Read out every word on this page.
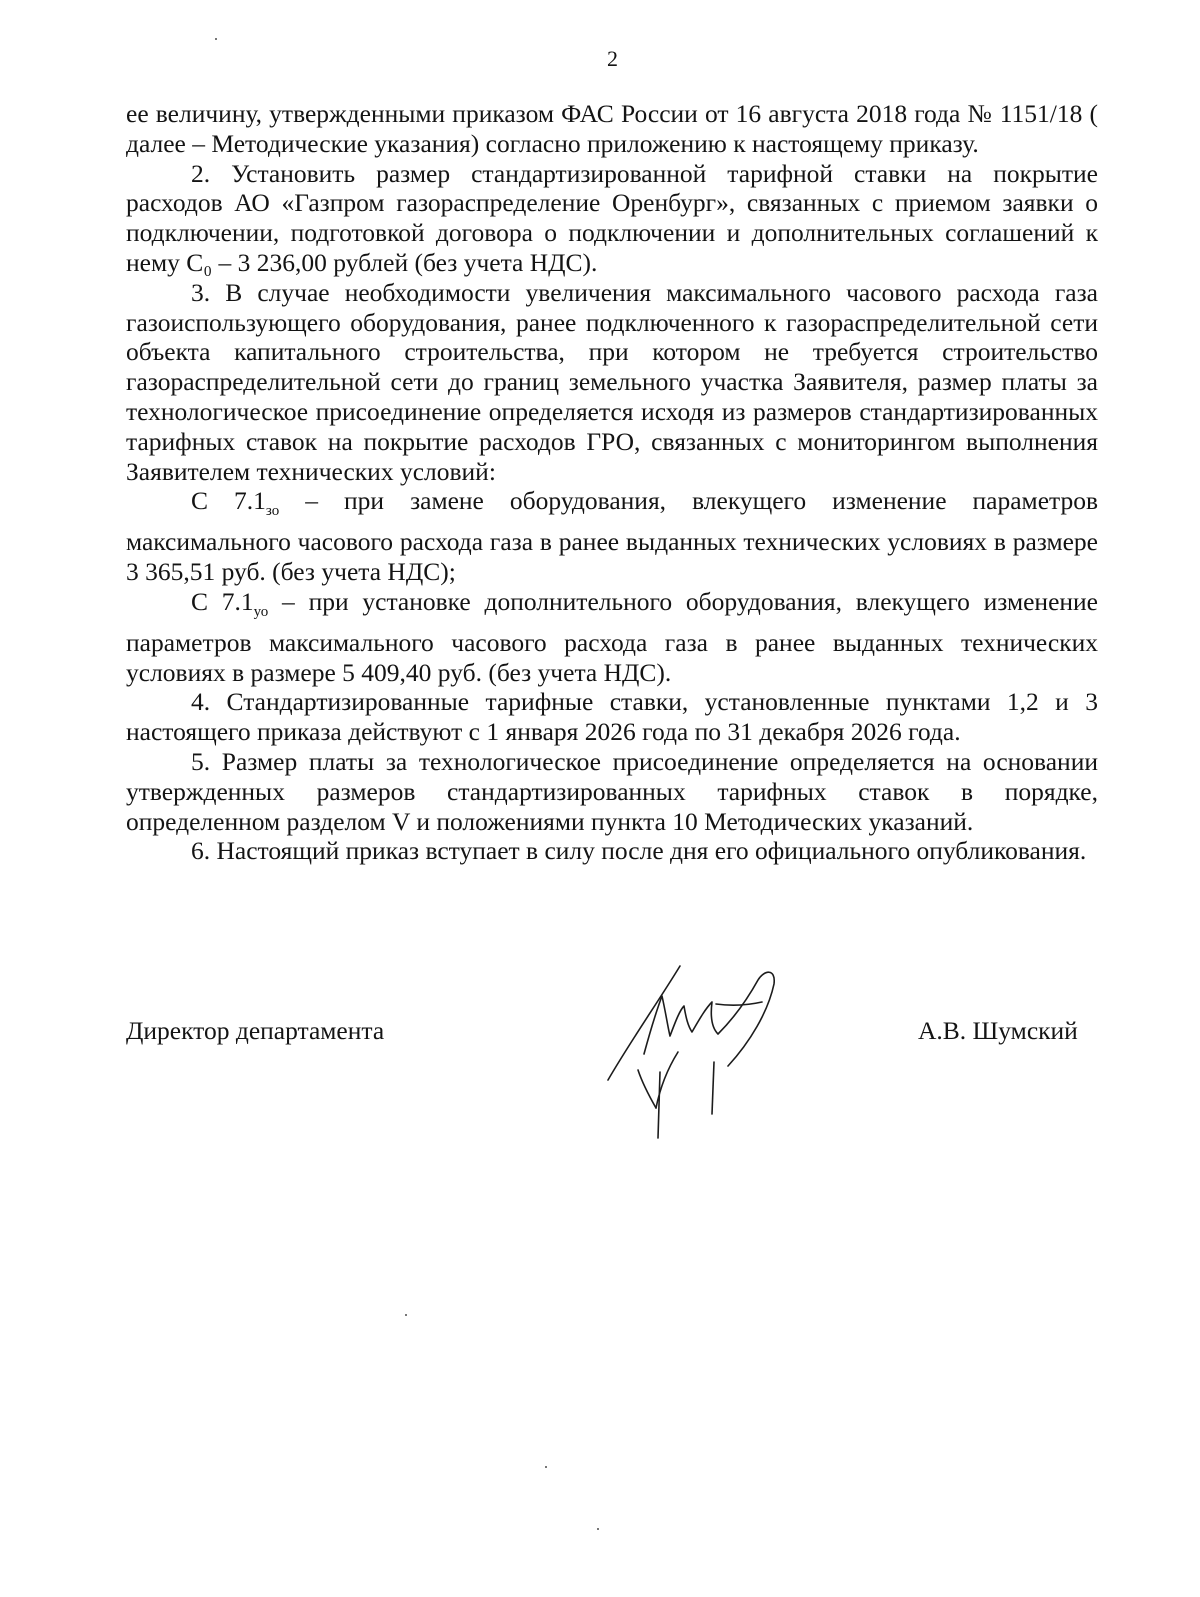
2

ее величину, утвержденными приказом ФАС России от 16 августа 2018 года № 1151/18 ( далее – Методические указания) согласно приложению к настоящему приказу.

2. Установить размер стандартизированной тарифной ставки на покрытие расходов АО «Газпром газораспределение Оренбург», связанных с приемом заявки о подключении, подготовкой договора о подключении и дополнительных соглашений к нему C₀ – 3 236,00 рублей (без учета НДС).

3. В случае необходимости увеличения максимального часового расхода газа газоиспользующего оборудования, ранее подключенного к газораспределительной сети объекта капитального строительства, при котором не требуется строительство газораспределительной сети до границ земельного участка Заявителя, размер платы за технологическое присоединение определяется исходя из размеров стандартизированных тарифных ставок на покрытие расходов ГРО, связанных с мониторингом выполнения Заявителем технических условий:

С $7.1_{зо}$ – при замене оборудования, влекущего изменение параметров максимального часового расхода газа в ранее выданных технических условиях в размере 3 365,51 руб. (без учета НДС);

С $7.1_{уо}$ – при установке дополнительного оборудования, влекущего изменение параметров максимального часового расхода газа в ранее выданных технических условиях в размере 5 409,40 руб. (без учета НДС).

4. Стандартизированные тарифные ставки, установленные пунктами 1,2 и 3 настоящего приказа действуют с 1 января 2026 года по 31 декабря 2026 года.

5. Размер платы за технологическое присоединение определяется на основании утвержденных размеров стандартизированных тарифных ставок в порядке, определенном разделом V и положениями пункта 10 Методических указаний.

6. Настоящий приказ вступает в силу после дня его официального опубликования.

Директор департамента	А.В. Шумский
